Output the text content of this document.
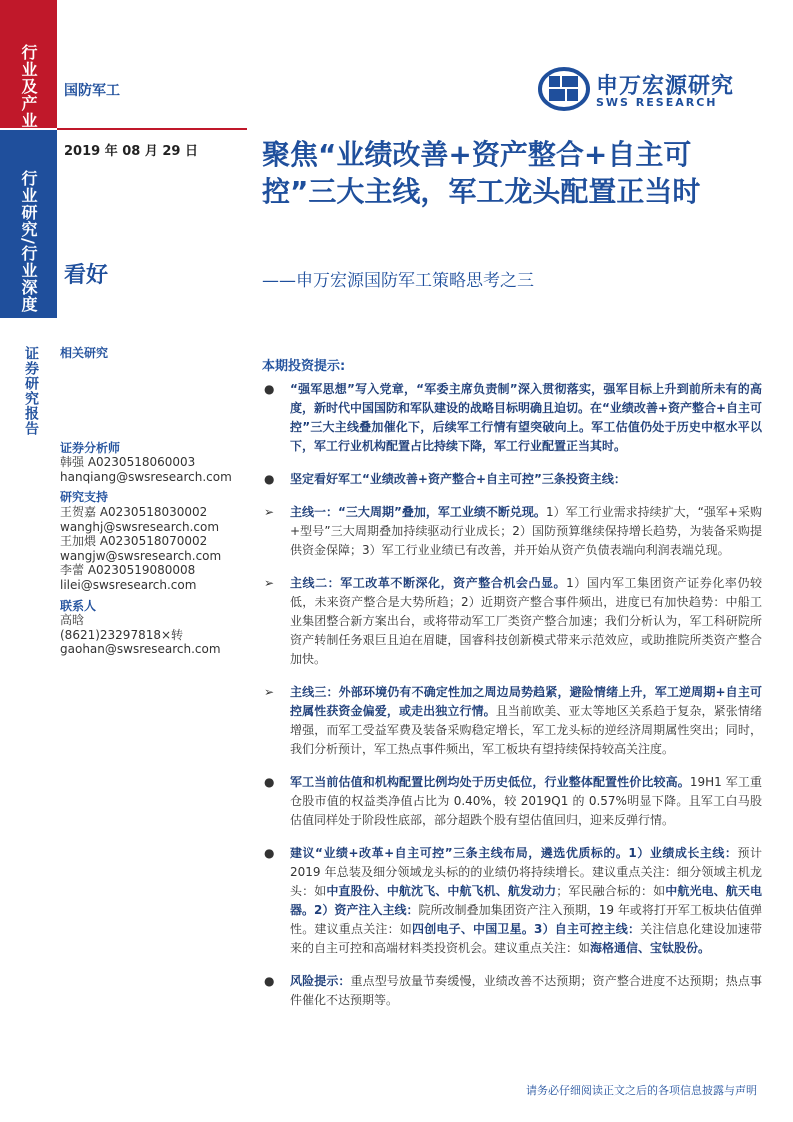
行业及产业
行业研究/行业深度
证券研究报告
国防军工	申万宏源研究
SWS RESEARCH
2019 年 08 月 29 日
看好
聚焦“业绩改善+资产整合+自主可控”三大主线，军工龙头配置正当时
——申万宏源国防军工策略思考之三
相关研究
证券分析师
韩强 A0230518060003
hanqiang@swsresearch.com
研究支持
王贺嘉 A0230518030002
wanghj@swsresearch.com
王加煨 A0230518070002
wangjw@swsresearch.com
李蕾 A0230519080008
lilei@swsresearch.com
联系人
高晗
(8621)23297818×转
gaohan@swsresearch.com
本期投资提示:
● “强军思想”写入党章，“军委主席负责制”深入贯彻落实，强军目标上升到前所未有的高度，新时代中国国防和军队建设的战略目标明确且迫切。在“业绩改善+资产整合+自主可控”三大主线叠加催化下，后续军工行情有望突破向上。军工估值仍处于历史中枢水平以下，军工行业机构配置占比持续下降，军工行业配置正当其时。
● 坚定看好军工“业绩改善+资产整合+自主可控”三条投资主线：
➢ 主线一：“三大周期”叠加，军工业绩不断兑现。1）军工行业需求持续扩大，“强军+采购+型号”三大周期叠加持续驱动行业成长；2）国防预算继续保持增长趋势，为装备采购提供资金保障；3）军工行业业绩已有改善，并开始从资产负债表端向利润表端兑现。
➢ 主线二：军工改革不断深化，资产整合机会凸显。1）国内军工集团资产证券化率仍较低，未来资产整合是大势所趋；2）近期资产整合事件频出，进度已有加快趋势：中船工业集团整合新方案出台，或将带动军工厂类资产整合加速；我们分析认为，军工科研院所资产转制任务艰巨且迫在眉睫，国睿科技创新模式带来示范效应，或助推院所类资产整合加快。
➢ 主线三：外部环境仍有不确定性加之周边局势趋紧，避险情绪上升，军工逆周期+自主可控属性获资金偏爱，或走出独立行情。且当前欧美、亚太等地区关系趋于复杂，紧张情绪增强，而军工受益军费及装备采购稳定增长，军工龙头标的逆经济周期属性突出；同时，我们分析预计，军工热点事件频出，军工板块有望持续保持较高关注度。
● 军工当前估值和机构配置比例均处于历史低位，行业整体配置性价比较高。19H1 军工重仓股市值的权益类净值占比为 0.40%，较 2019Q1 的 0.57%明显下降。且军工白马股估值同样处于阶段性底部，部分超跌个股有望估值回归，迎来反弹行情。
● 建议“业绩+改革+自主可控”三条主线布局，遴选优质标的。1）业绩成长主线：预计 2019 年总装及细分领域龙头标的的业绩仍将持续增长。建议重点关注：细分领域主机龙头：如中直股份、中航沈飞、中航飞机、航发动力；军民融合标的：如中航光电、航天电器。2）资产注入主线：院所改制叠加集团资产注入预期，19 年或将打开军工板块估值弹性。建议重点关注：如四创电子、中国卫星。3）自主可控主线：关注信息化建设加速带来的自主可控和高端材料类投资机会。建议重点关注：如海格通信、宝钛股份。
● 风险提示：重点型号放量节奏缓慢，业绩改善不达预期；资产整合进度不达预期；热点事件催化不达预期等。
请务必仔细阅读正文之后的各项信息披露与声明
